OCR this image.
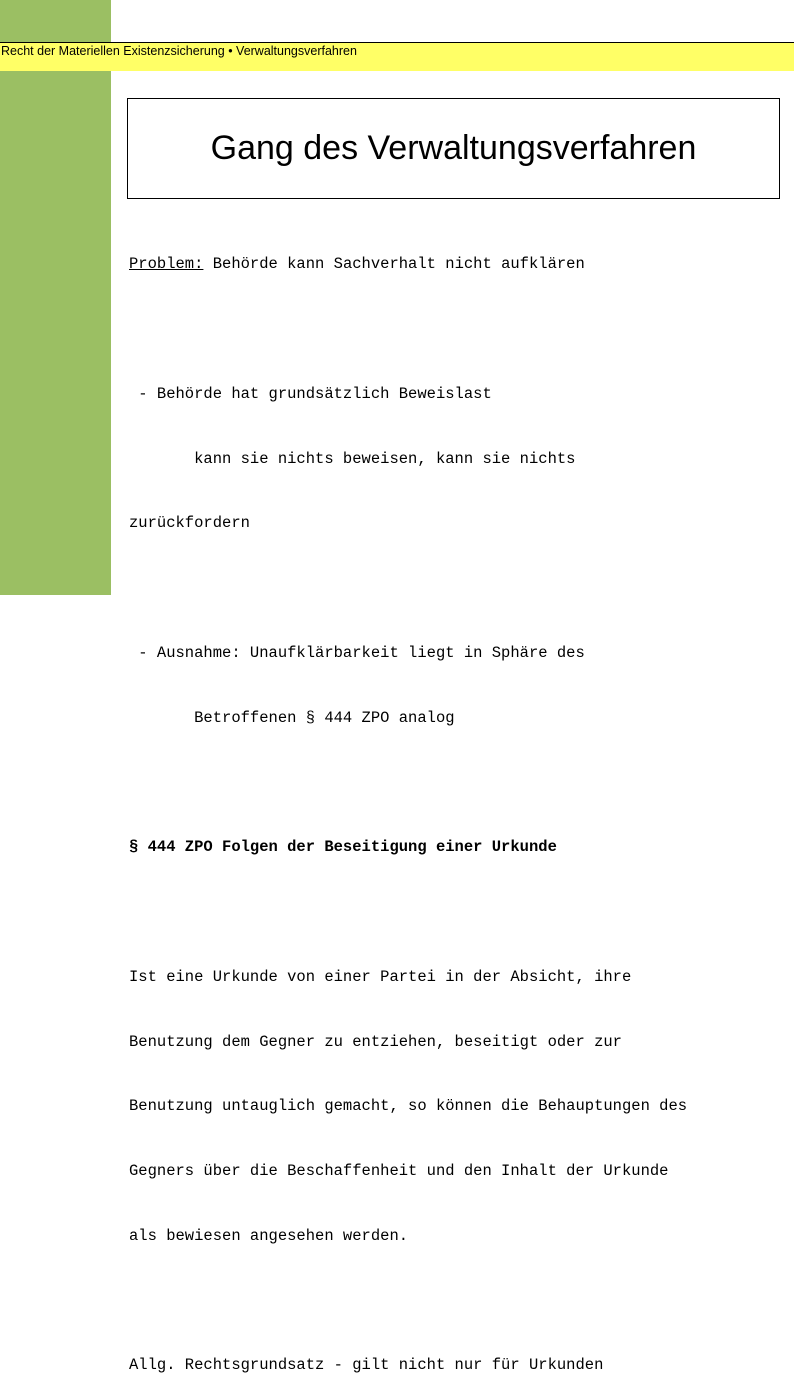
Recht der Materiellen Existenzsicherung • Verwaltungsverfahren
Gang des Verwaltungsverfahren

Problem: Behörde kann Sachverhalt nicht aufklären

- Behörde hat grundsätzlich Beweislast

kann sie nichts beweisen, kann sie nichts

zurückfordern

- Ausnahme: Unaufklärbarkeit liegt in Sphäre des

Betroffenen § 444 ZPO analog

§ 444 ZPO Folgen der Beseitigung einer Urkunde

Ist eine Urkunde von einer Partei in der Absicht, ihre

Benutzung dem Gegner zu entziehen, beseitigt oder zur

Benutzung untauglich gemacht, so können die Behauptungen des

Gegners über die Beschaffenheit und den Inhalt der Urkunde

als bewiesen angesehen werden.

Allg. Rechtsgrundsatz - gilt nicht nur für Urkunden
